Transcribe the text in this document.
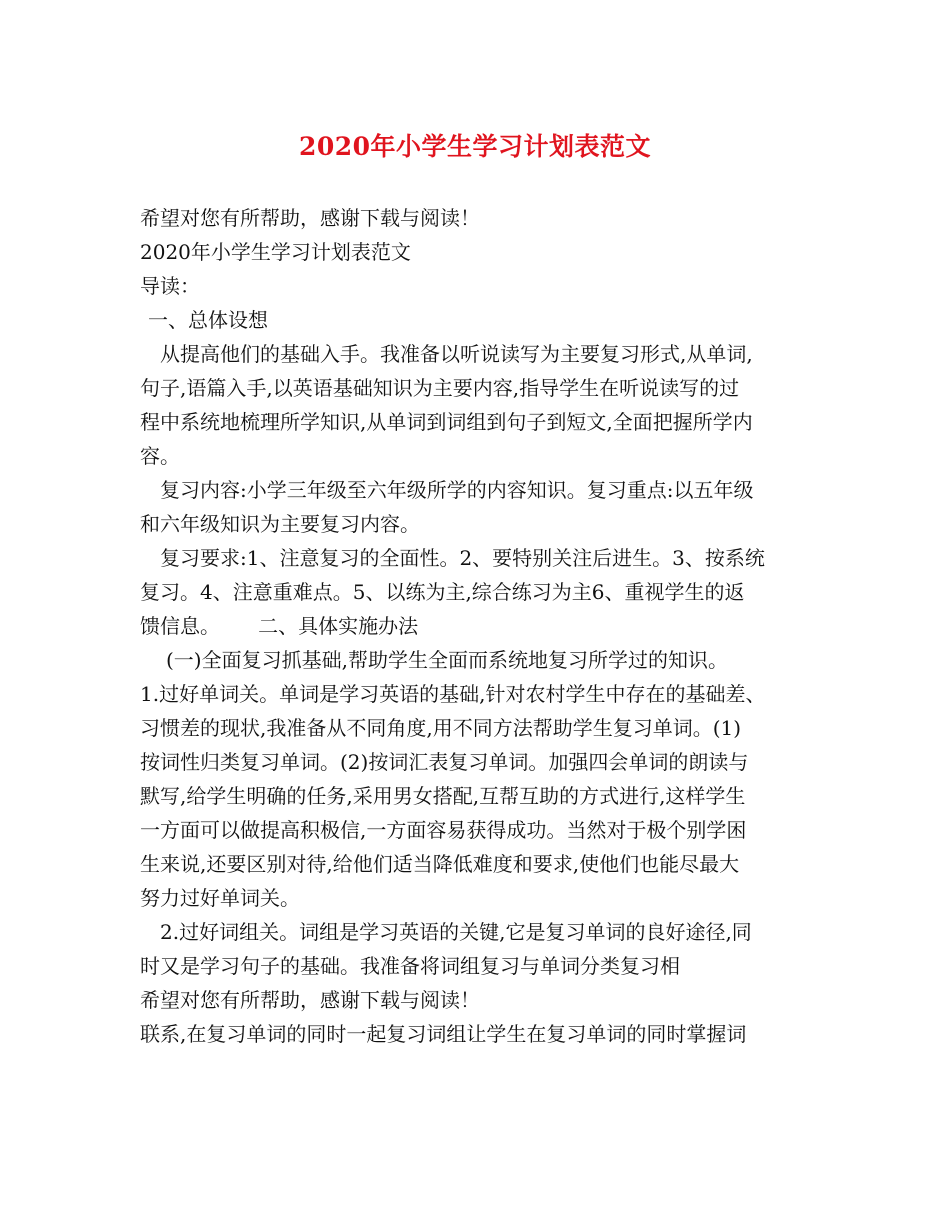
2020年小学生学习计划表范文

希望对您有所帮助，感谢下载与阅读！

2020年小学生学习计划表范文

导读：

一、总体设想

从提高他们的基础入手。我准备以听说读写为主要复习形式,从单词,

句子,语篇入手,以英语基础知识为主要内容,指导学生在听说读写的过

程中系统地梳理所学知识,从单词到词组到句子到短文,全面把握所学内

容。

复习内容:小学三年级至六年级所学的内容知识。复习重点:以五年级

和六年级知识为主要复习内容。

复习要求:1、注意复习的全面性。2、要特别关注后进生。3、按系统

复习。4、注意重难点。5、以练为主,综合练习为主6、重视学生的返

馈信息。      二、具体实施办法

(一)全面复习抓基础,帮助学生全面而系统地复习所学过的知识。

1.过好单词关。单词是学习英语的基础,针对农村学生中存在的基础差、

习惯差的现状,我准备从不同角度,用不同方法帮助学生复习单词。(1)

按词性归类复习单词。(2)按词汇表复习单词。加强四会单词的朗读与

默写,给学生明确的任务,采用男女搭配,互帮互助的方式进行,这样学生

一方面可以做提高积极信,一方面容易获得成功。当然对于极个别学困

生来说,还要区别对待,给他们适当降低难度和要求,使他们也能尽最大

努力过好单词关。

2.过好词组关。词组是学习英语的关键,它是复习单词的良好途径,同

时又是学习句子的基础。我准备将词组复习与单词分类复习相

希望对您有所帮助，感谢下载与阅读！

联系,在复习单词的同时一起复习词组让学生在复习单词的同时掌握词
